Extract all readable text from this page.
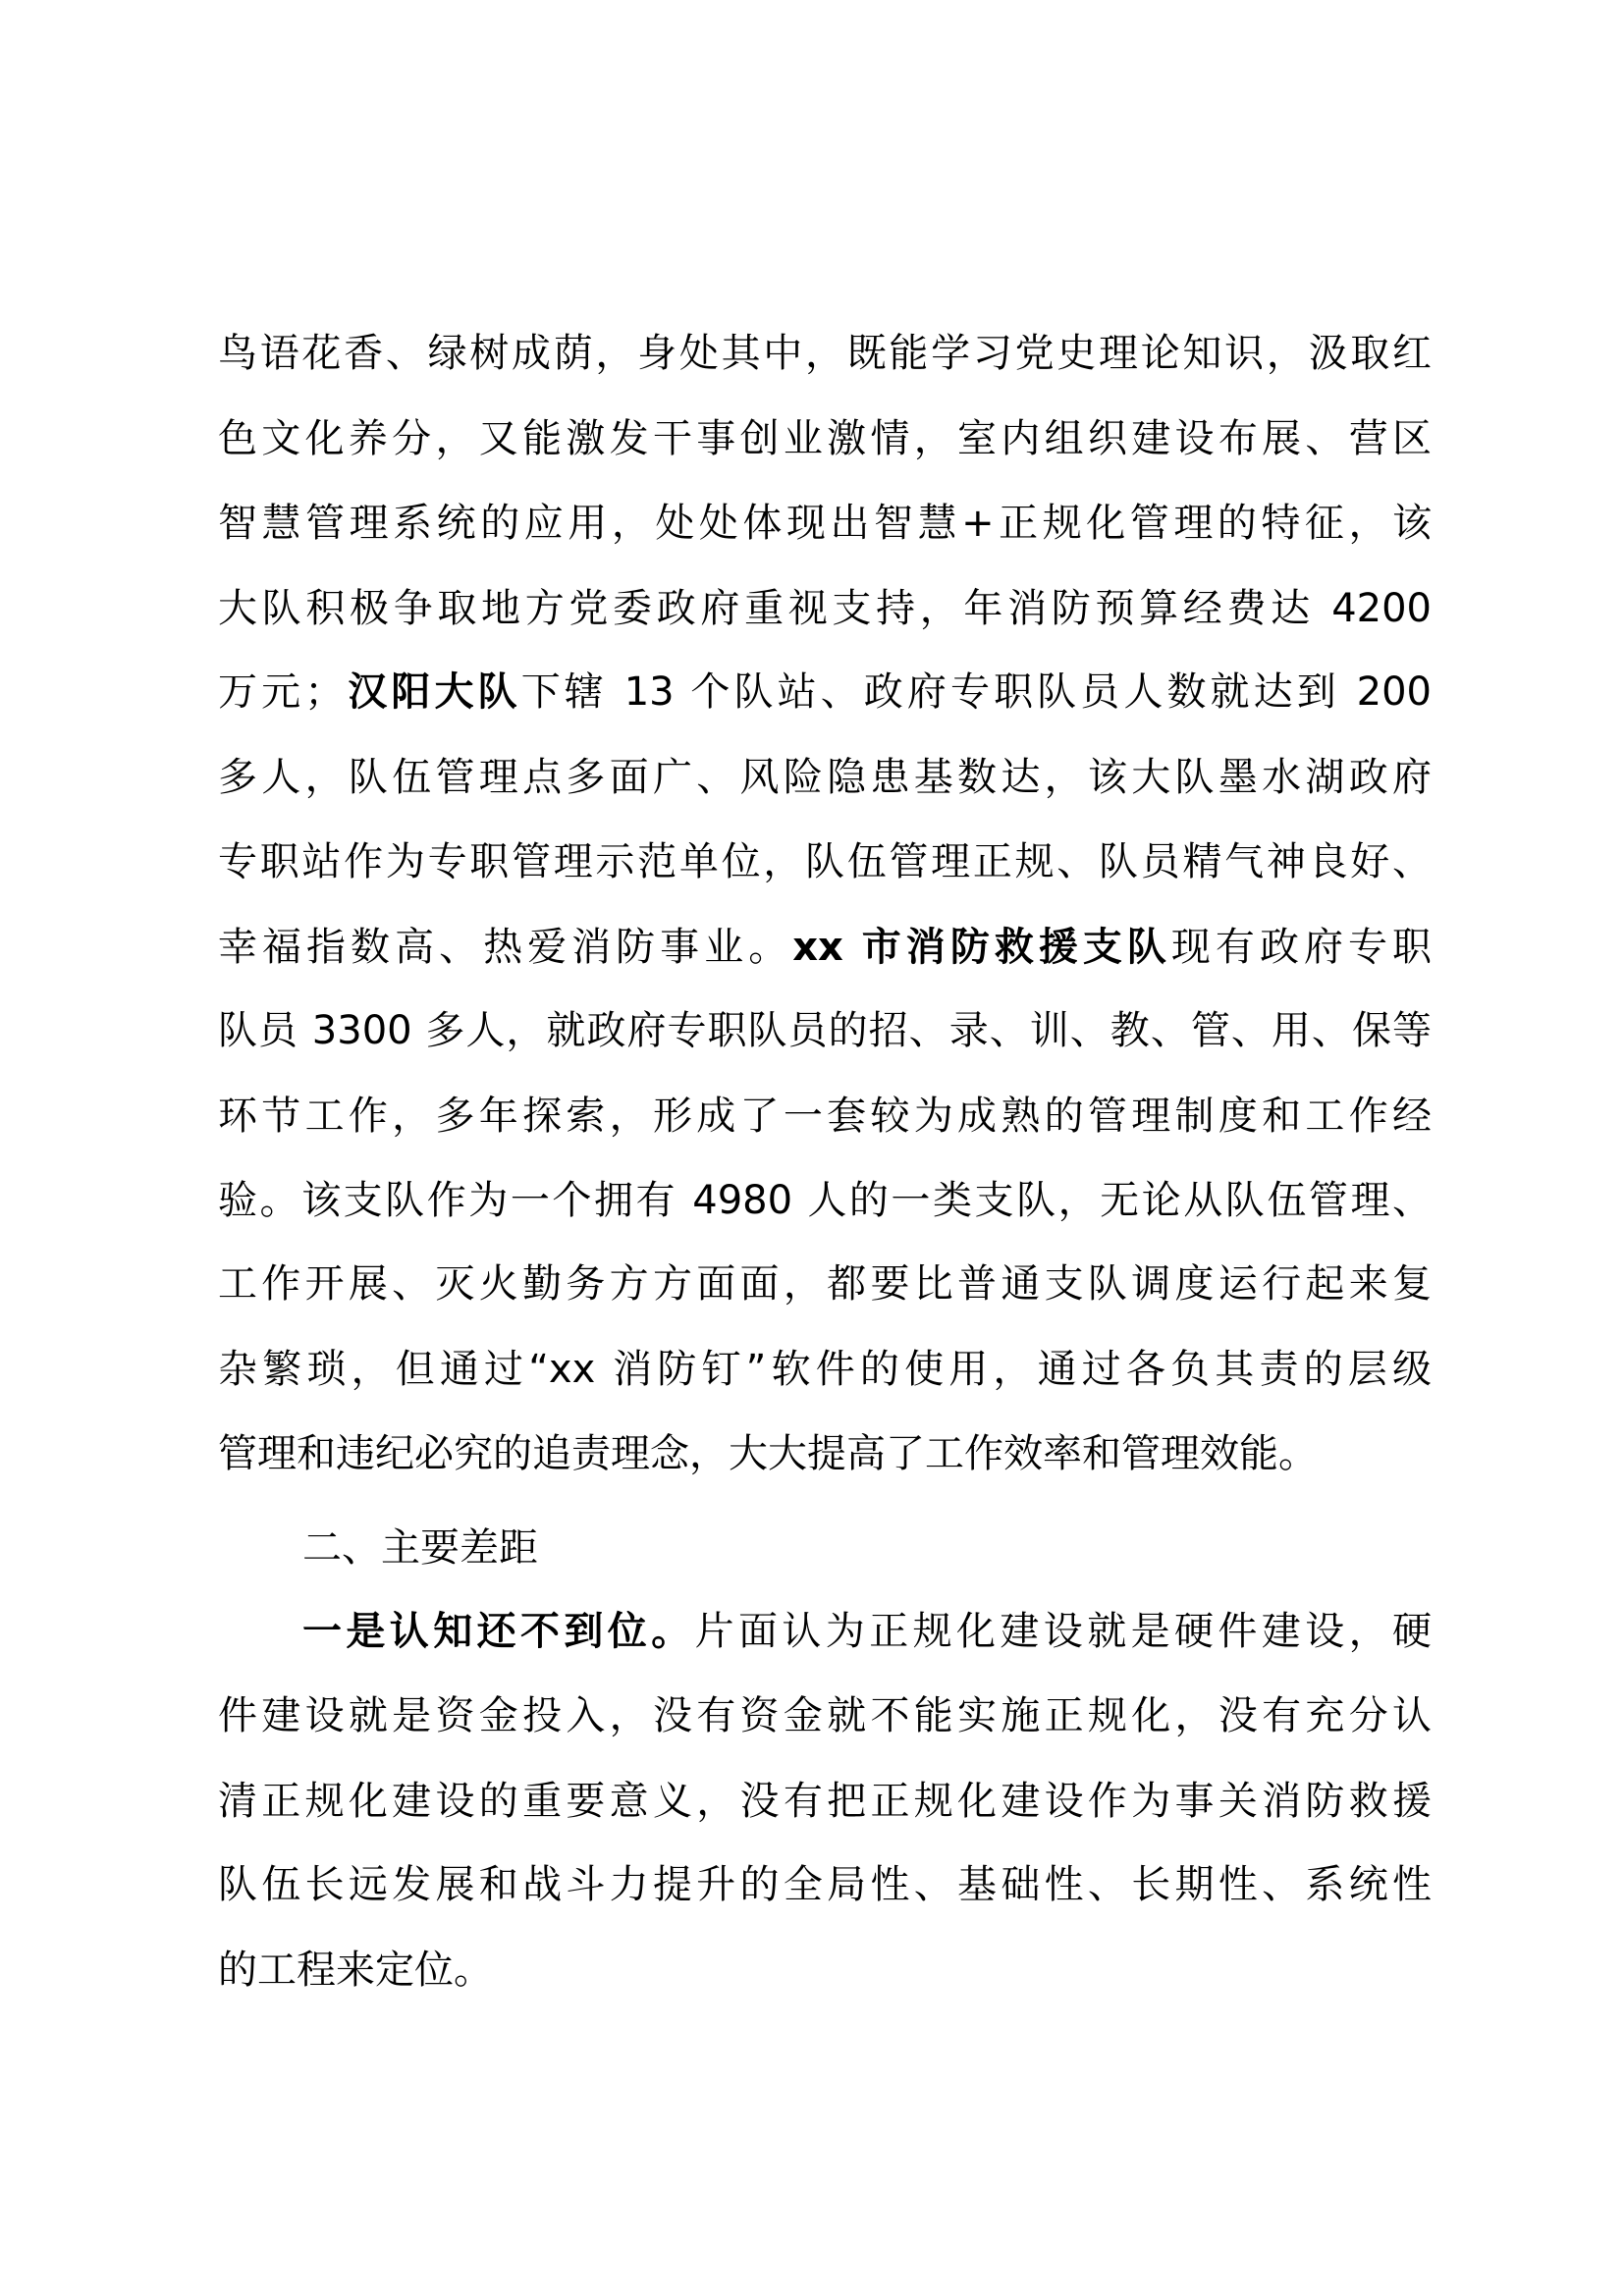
二、主要差距
鸟语花香、绿树成荫，身处其中，既能学习党史理论知识，汲取红
色文化养分，又能激发干事创业激情，室内组织建设布展、营区
智慧管理系统的应用，处处体现出智慧+正规化管理的特征，该
大队积极争取地方党委政府重视支持，年消防预算经费达 4200
万元；汉阳大队下辖 13 个队站、政府专职队员人数就达到 200
多人，队伍管理点多面广、风险隐患基数达，该大队墨水湖政府
专职站作为专职管理示范单位，队伍管理正规、队员精气神良好、
幸福指数高、热爱消防事业。xx 市消防救援支队现有政府专职
队员 3300 多人，就政府专职队员的招、录、训、教、管、用、保等
环节工作，多年探索，形成了一套较为成熟的管理制度和工作经
验。该支队作为一个拥有 4980 人的一类支队，无论从队伍管理、
工作开展、灭火勤务方方面面，都要比普通支队调度运行起来复
杂繁琐，但通过“xx 消防钉”软件的使用，通过各负其责的层级
管理和违纪必究的追责理念，大大提高了工作效率和管理效能。
一是认知还不到位。片面认为正规化建设就是硬件建设，硬
件建设就是资金投入，没有资金就不能实施正规化，没有充分认
清正规化建设的重要意义，没有把正规化建设作为事关消防救援
队伍长远发展和战斗力提升的全局性、基础性、长期性、系统性
的工程来定位。
